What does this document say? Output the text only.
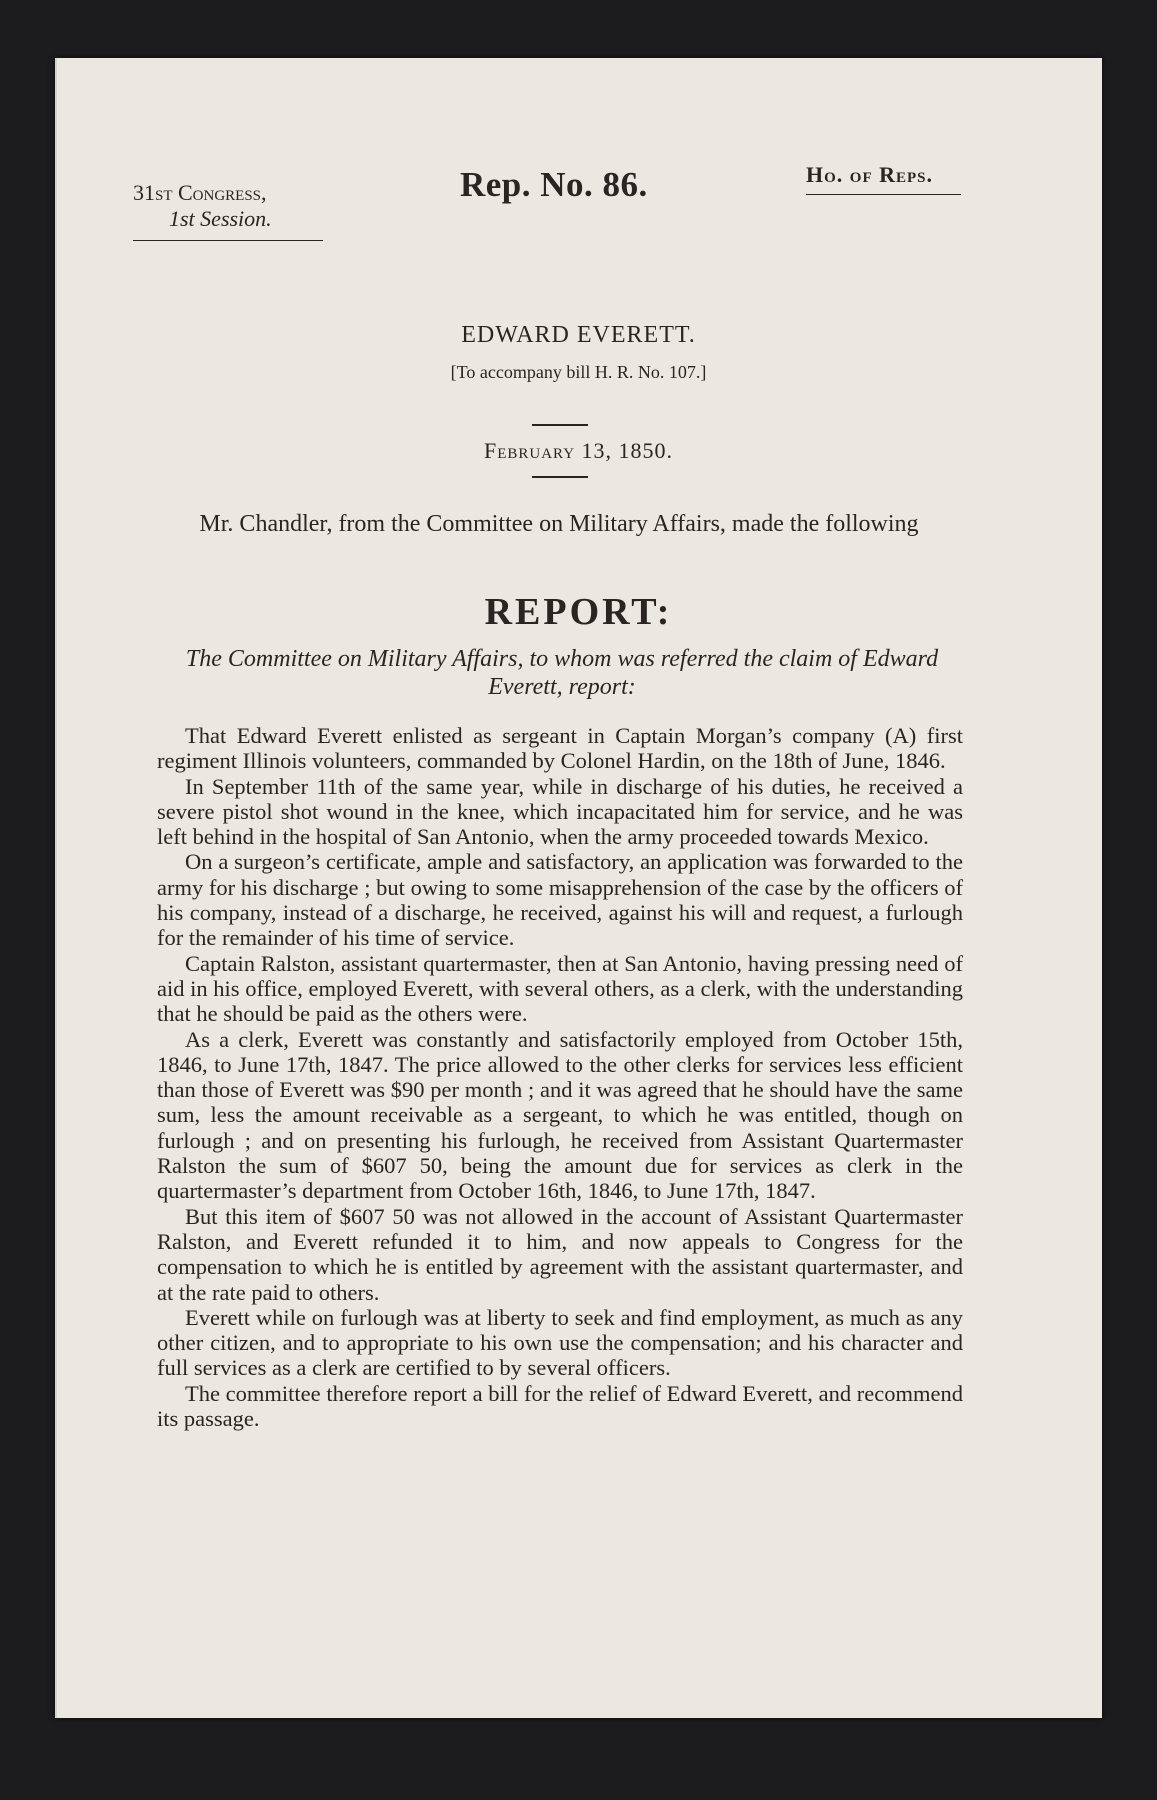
31st Congress,
1st Session.
Rep. No. 86.	Ho. of Reps.
EDWARD EVERETT.
[To accompany bill H. R. No. 107.]
February 13, 1850.
Mr. Chandler, from the Committee on Military Affairs, made the following
REPORT:
The Committee on Military Affairs, to whom was referred the claim of Edward Everett, report:

That Edward Everett enlisted as sergeant in Captain Morgan’s company (A) first regiment Illinois volunteers, commanded by Colonel Hardin, on the 18th of June, 1846.

In September 11th of the same year, while in discharge of his duties, he received a severe pistol shot wound in the knee, which incapacitated him for service, and he was left behind in the hospital of San Antonio, when the army proceeded towards Mexico.

On a surgeon’s certificate, ample and satisfactory, an application was forwarded to the army for his discharge ; but owing to some misapprehension of the case by the officers of his company, instead of a discharge, he received, against his will and request, a furlough for the remainder of his time of service.

Captain Ralston, assistant quartermaster, then at San Antonio, having pressing need of aid in his office, employed Everett, with several others, as a clerk, with the understanding that he should be paid as the others were.

As a clerk, Everett was constantly and satisfactorily employed from October 15th, 1846, to June 17th, 1847. The price allowed to the other clerks for services less efficient than those of Everett was $90 per month ; and it was agreed that he should have the same sum, less the amount receivable as a sergeant, to which he was entitled, though on furlough ; and on presenting his furlough, he received from Assistant Quartermaster Ralston the sum of $607 50, being the amount due for services as clerk in the quartermaster’s department from October 16th, 1846, to June 17th, 1847.

But this item of $607 50 was not allowed in the account of Assistant Quartermaster Ralston, and Everett refunded it to him, and now appeals to Congress for the compensation to which he is entitled by agreement with the assistant quartermaster, and at the rate paid to others.

Everett while on furlough was at liberty to seek and find employment, as much as any other citizen, and to appropriate to his own use the compensation; and his character and full services as a clerk are certified to by several officers.

The committee therefore report a bill for the relief of Edward Everett, and recommend its passage.
